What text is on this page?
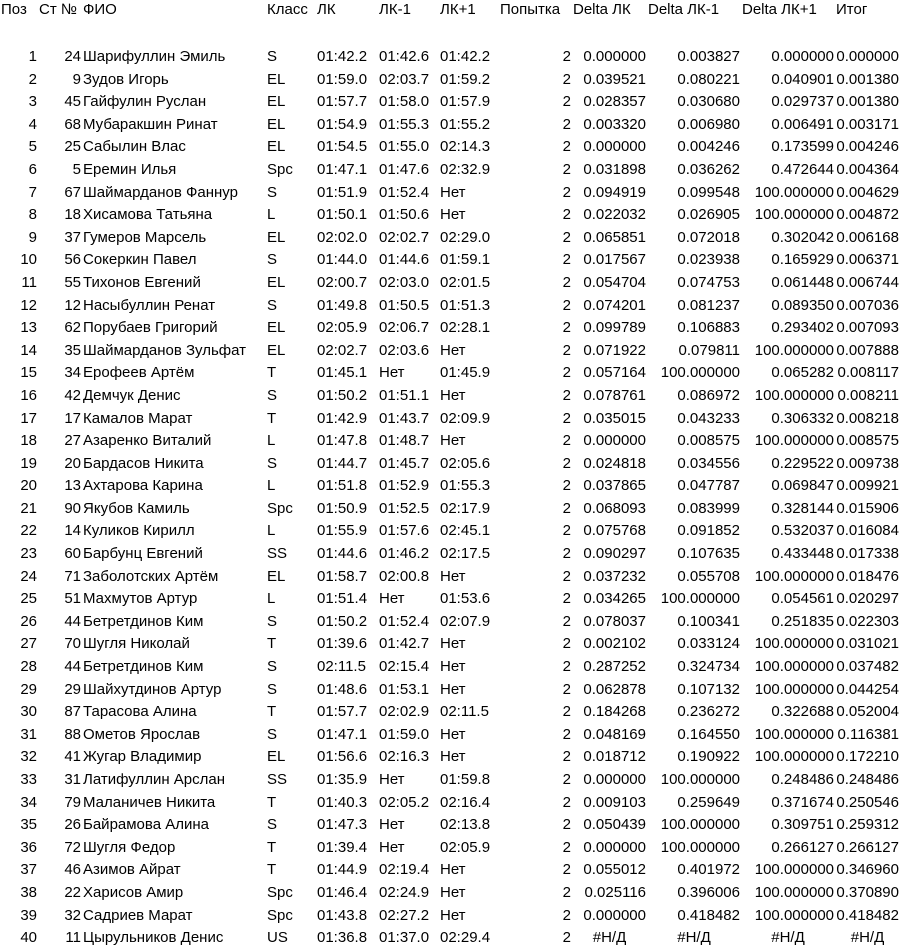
Поз	Ст №	ФИО	Класс	ЛК	ЛК-1	ЛК+1	Попытка	Delta ЛК	Delta ЛК-1	Delta ЛК+1	Итог

1	24	Шарифуллин Эмиль	S	01:42.2	01:42.6	01:42.2	2	0.000000	0.003827	0.000000	0.000000
2	9	Зудов Игорь	EL	01:59.0	02:03.7	01:59.2	2	0.039521	0.080221	0.040901	0.001380
3	45	Гайфулин Руслан	EL	01:57.7	01:58.0	01:57.9	2	0.028357	0.030680	0.029737	0.001380
4	68	Мубаракшин Ринат	EL	01:54.9	01:55.3	01:55.2	2	0.003320	0.006980	0.006491	0.003171
5	25	Сабылин Влас	EL	01:54.5	01:55.0	02:14.3	2	0.000000	0.004246	0.173599	0.004246
6	5	Еремин Илья	Spc	01:47.1	01:47.6	02:32.9	2	0.031898	0.036262	0.472644	0.004364
7	67	Шаймарданов Фаннур	S	01:51.9	01:52.4	Нет	2	0.094919	0.099548	100.000000	0.004629
8	18	Хисамова Татьяна	L	01:50.1	01:50.6	Нет	2	0.022032	0.026905	100.000000	0.004872
9	37	Гумеров Марсель	EL	02:02.0	02:02.7	02:29.0	2	0.065851	0.072018	0.302042	0.006168
10	56	Сокеркин Павел	S	01:44.0	01:44.6	01:59.1	2	0.017567	0.023938	0.165929	0.006371
11	55	Тихонов Евгений	EL	02:00.7	02:03.0	02:01.5	2	0.054704	0.074753	0.061448	0.006744
12	12	Насыбуллин Ренат	S	01:49.8	01:50.5	01:51.3	2	0.074201	0.081237	0.089350	0.007036
13	62	Порубаев Григорий	EL	02:05.9	02:06.7	02:28.1	2	0.099789	0.106883	0.293402	0.007093
14	35	Шаймарданов Зульфат	EL	02:02.7	02:03.6	Нет	2	0.071922	0.079811	100.000000	0.007888
15	34	Ерофеев Артём	T	01:45.1	Нет	01:45.9	2	0.057164	100.000000	0.065282	0.008117
16	42	Демчук Денис	S	01:50.2	01:51.1	Нет	2	0.078761	0.086972	100.000000	0.008211
17	17	Камалов Марат	T	01:42.9	01:43.7	02:09.9	2	0.035015	0.043233	0.306332	0.008218
18	27	Азаренко Виталий	L	01:47.8	01:48.7	Нет	2	0.000000	0.008575	100.000000	0.008575
19	20	Бардасов Никита	S	01:44.7	01:45.7	02:05.6	2	0.024818	0.034556	0.229522	0.009738
20	13	Ахтарова Карина	L	01:51.8	01:52.9	01:55.3	2	0.037865	0.047787	0.069847	0.009921
21	90	Якубов Камиль	Spc	01:50.9	01:52.5	02:17.9	2	0.068093	0.083999	0.328144	0.015906
22	14	Куликов Кирилл	L	01:55.9	01:57.6	02:45.1	2	0.075768	0.091852	0.532037	0.016084
23	60	Барбунц Евгений	SS	01:44.6	01:46.2	02:17.5	2	0.090297	0.107635	0.433448	0.017338
24	71	Заболотских Артём	EL	01:58.7	02:00.8	Нет	2	0.037232	0.055708	100.000000	0.018476
25	51	Махмутов Артур	L	01:51.4	Нет	01:53.6	2	0.034265	100.000000	0.054561	0.020297
26	44	Бетретдинов Ким	S	01:50.2	01:52.4	02:07.9	2	0.078037	0.100341	0.251835	0.022303
27	70	Шугля Николай	T	01:39.6	01:42.7	Нет	2	0.002102	0.033124	100.000000	0.031021
28	44	Бетретдинов Ким	S	02:11.5	02:15.4	Нет	2	0.287252	0.324734	100.000000	0.037482
29	29	Шайхутдинов Артур	S	01:48.6	01:53.1	Нет	2	0.062878	0.107132	100.000000	0.044254
30	87	Тарасова Алина	T	01:57.7	02:02.9	02:11.5	2	0.184268	0.236272	0.322688	0.052004
31	88	Ометов Ярослав	S	01:47.1	01:59.0	Нет	2	0.048169	0.164550	100.000000	0.116381
32	41	Жугар Владимир	EL	01:56.6	02:16.3	Нет	2	0.018712	0.190922	100.000000	0.172210
33	31	Латифуллин Арслан	SS	01:35.9	Нет	01:59.8	2	0.000000	100.000000	0.248486	0.248486
34	79	Маланичев Никита	T	01:40.3	02:05.2	02:16.4	2	0.009103	0.259649	0.371674	0.250546
35	26	Байрамова Алина	S	01:47.3	Нет	02:13.8	2	0.050439	100.000000	0.309751	0.259312
36	72	Шугля Федор	T	01:39.4	Нет	02:05.9	2	0.000000	100.000000	0.266127	0.266127
37	46	Азимов Айрат	T	01:44.9	02:19.4	Нет	2	0.055012	0.401972	100.000000	0.346960
38	22	Харисов Амир	Spc	01:46.4	02:24.9	Нет	2	0.025116	0.396006	100.000000	0.370890
39	32	Садриев Марат	Spc	01:43.8	02:27.2	Нет	2	0.000000	0.418482	100.000000	0.418482
40	11	Цырульников Денис	US	01:36.8	01:37.0	02:29.4	2	#Н/Д	#Н/Д	#Н/Д	#Н/Д
